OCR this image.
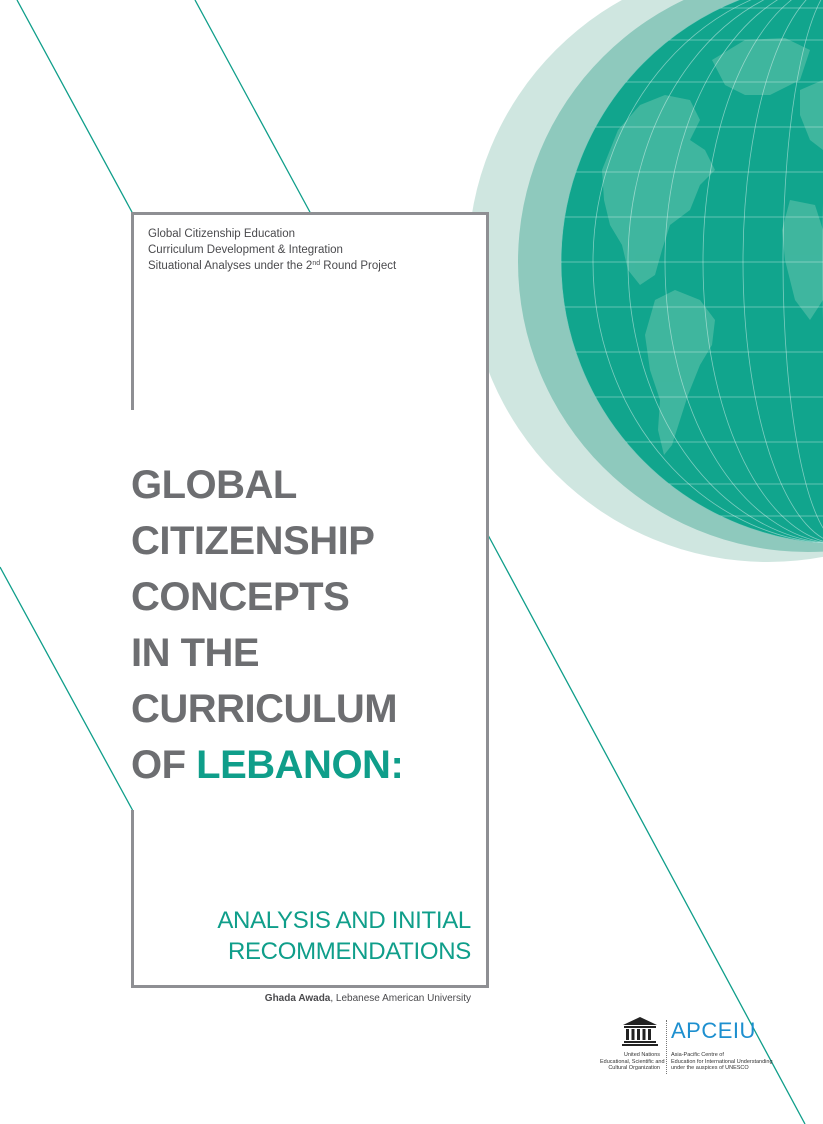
Global Citizenship Education
Curriculum Development & Integration
Situational Analyses under the 2nd Round Project
GLOBAL
CITIZENSHIP
CONCEPTS
IN THE
CURRICULUM
OF LEBANON:
ANALYSIS AND INITIAL
RECOMMENDATIONS
Ghada Awada, Lebanese American University
United Nations
Educational, Scientific and
Cultural Organization
APCEIU
Asia-Pacific Centre of
Education for International Understanding
under the auspices of UNESCO
